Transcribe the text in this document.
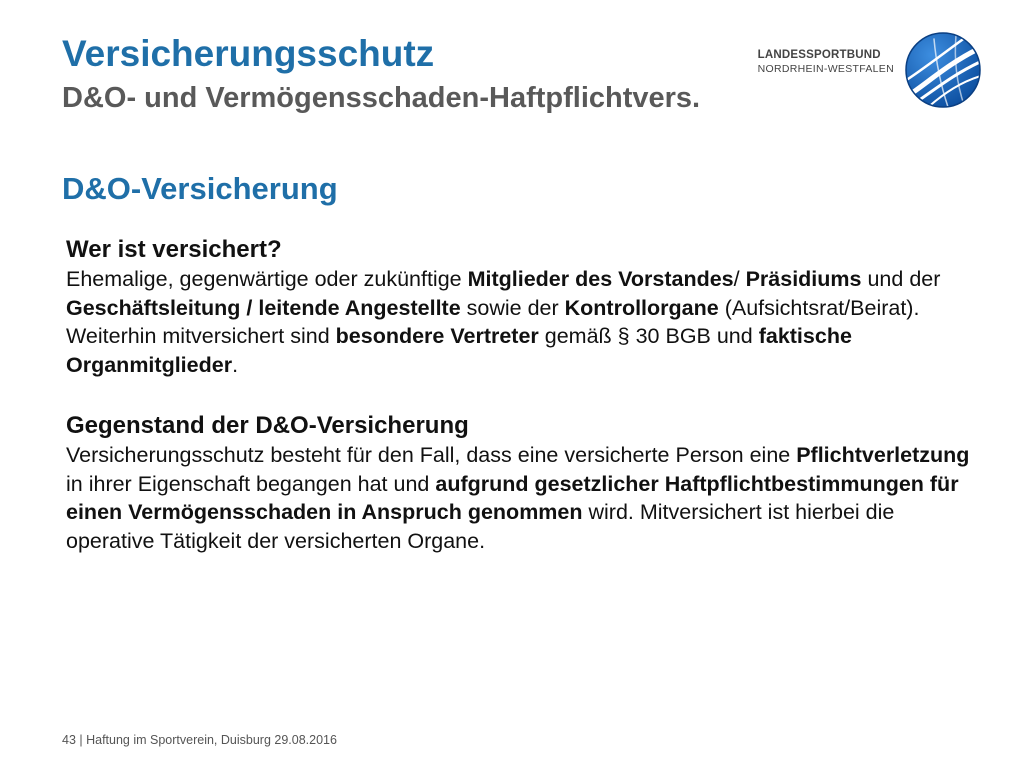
Versicherungsschutz
D&O- und Vermögensschaden-Haftpflichtvers.
LANDESSPORTBUND
NORDRHEIN-WESTFALEN
D&O-Versicherung
Wer ist versichert?

Ehemalige, gegenwärtige oder zukünftige Mitglieder des Vorstandes/ Präsidiums und der Geschäftsleitung / leitende Angestellte sowie der Kontrollorgane (Aufsichtsrat/Beirat). Weiterhin mitversichert sind besondere Vertreter gemäß § 30 BGB und faktische Organmitglieder.

Gegenstand der D&O-Versicherung

Versicherungsschutz besteht für den Fall, dass eine versicherte Person eine Pflichtverletzung in ihrer Eigenschaft begangen hat und aufgrund gesetzlicher Haftpflichtbestimmungen für einen Vermögensschaden in Anspruch genommen wird. Mitversichert ist hierbei die operative Tätigkeit der versicherten Organe.

43 | Haftung im Sportverein, Duisburg 29.08.2016
